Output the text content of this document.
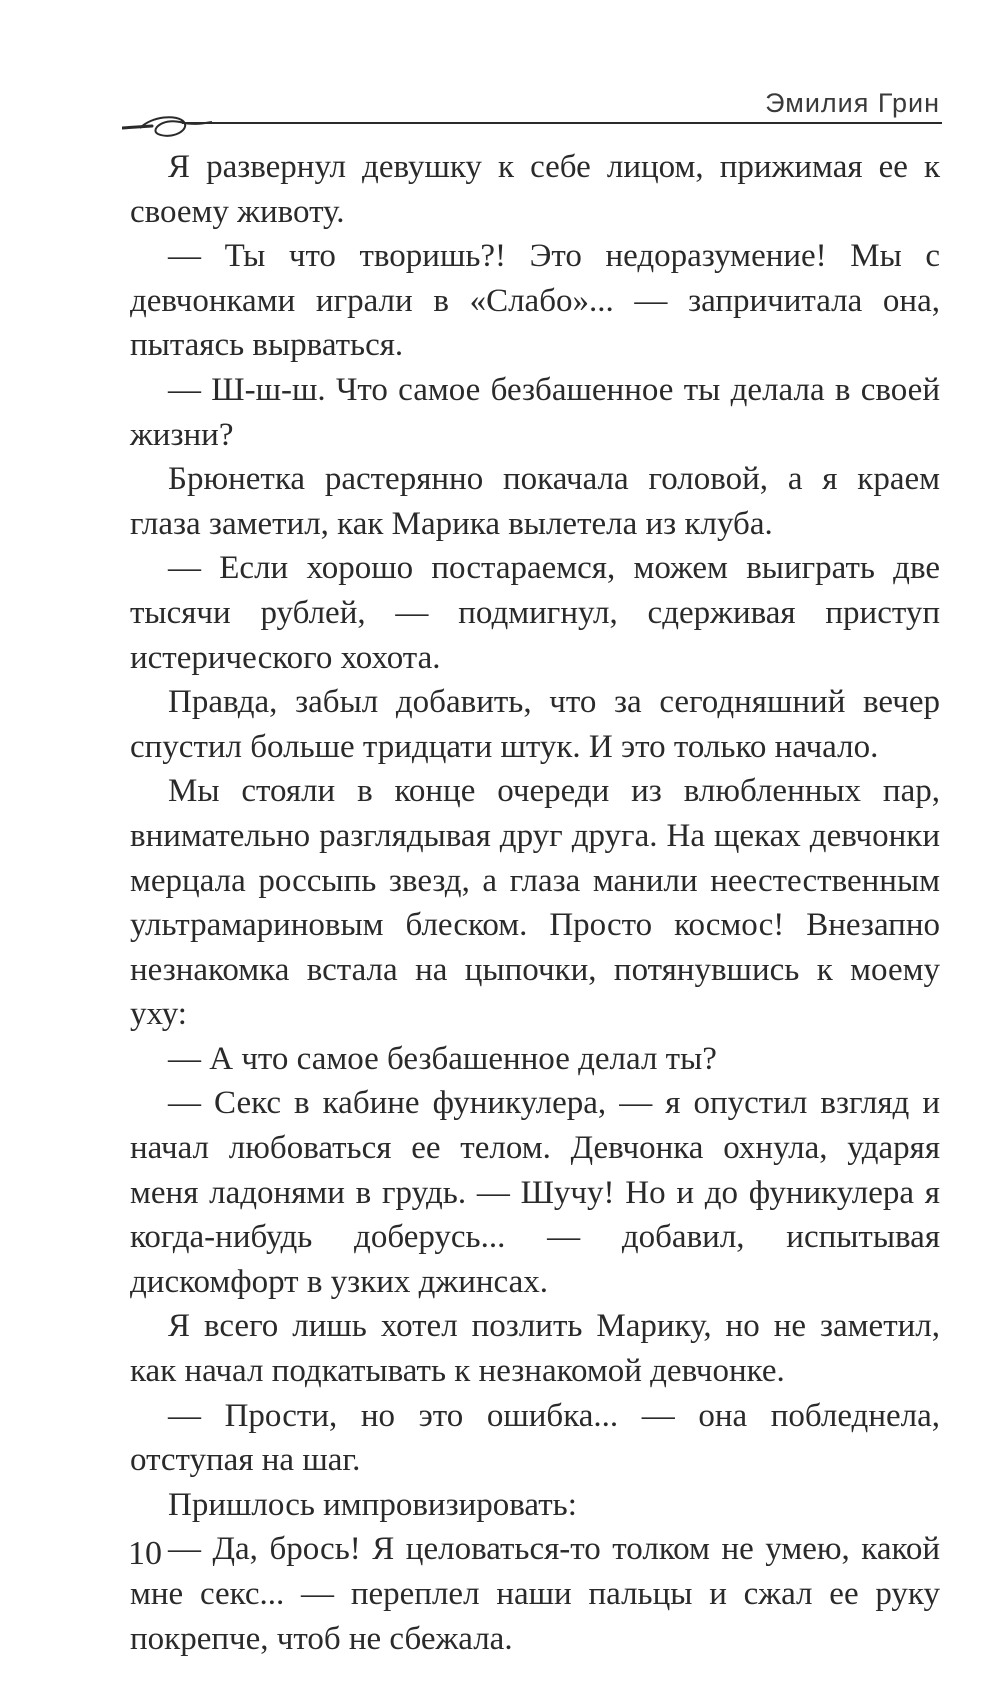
Эмилия Грин

Я развернул девушку к себе лицом, прижимая ее к своему животу.

— Ты что творишь?! Это недоразумение! Мы с девчонками играли в «Слабо»... — запричитала она, пытаясь вырваться.

— Ш-ш-ш. Что самое безбашенное ты делала в своей жизни?

Брюнетка растерянно покачала головой, а я краем глаза заметил, как Марика вылетела из клуба.

— Если хорошо постараемся, можем выиграть две тысячи рублей, — подмигнул, сдерживая приступ истерического хохота.

Правда, забыл добавить, что за сегодняшний вечер спустил больше тридцати штук. И это только начало.

Мы стояли в конце очереди из влюбленных пар, внимательно разглядывая друг друга. На щеках девчонки мерцала россыпь звезд, а глаза манили неестественным ультрамариновым блеском. Просто космос! Внезапно незнакомка встала на цыпочки, потянувшись к моему уху:

— А что самое безбашенное делал ты?

— Секс в кабине фуникулера, — я опустил взгляд и начал любоваться ее телом. Девчонка охнула, ударяя меня ладонями в грудь. — Шучу! Но и до фуникулера я когда-нибудь доберусь... — добавил, испытывая дискомфорт в узких джинсах.

Я всего лишь хотел позлить Марику, но не заметил, как начал подкатывать к незнакомой девчонке.

— Прости, но это ошибка... — она побледнела, отступая на шаг.

Пришлось импровизировать:

— Да, брось! Я целоваться-то толком не умею, какой мне секс... — переплел наши пальцы и сжал ее руку покрепче, чтоб не сбежала.

10
